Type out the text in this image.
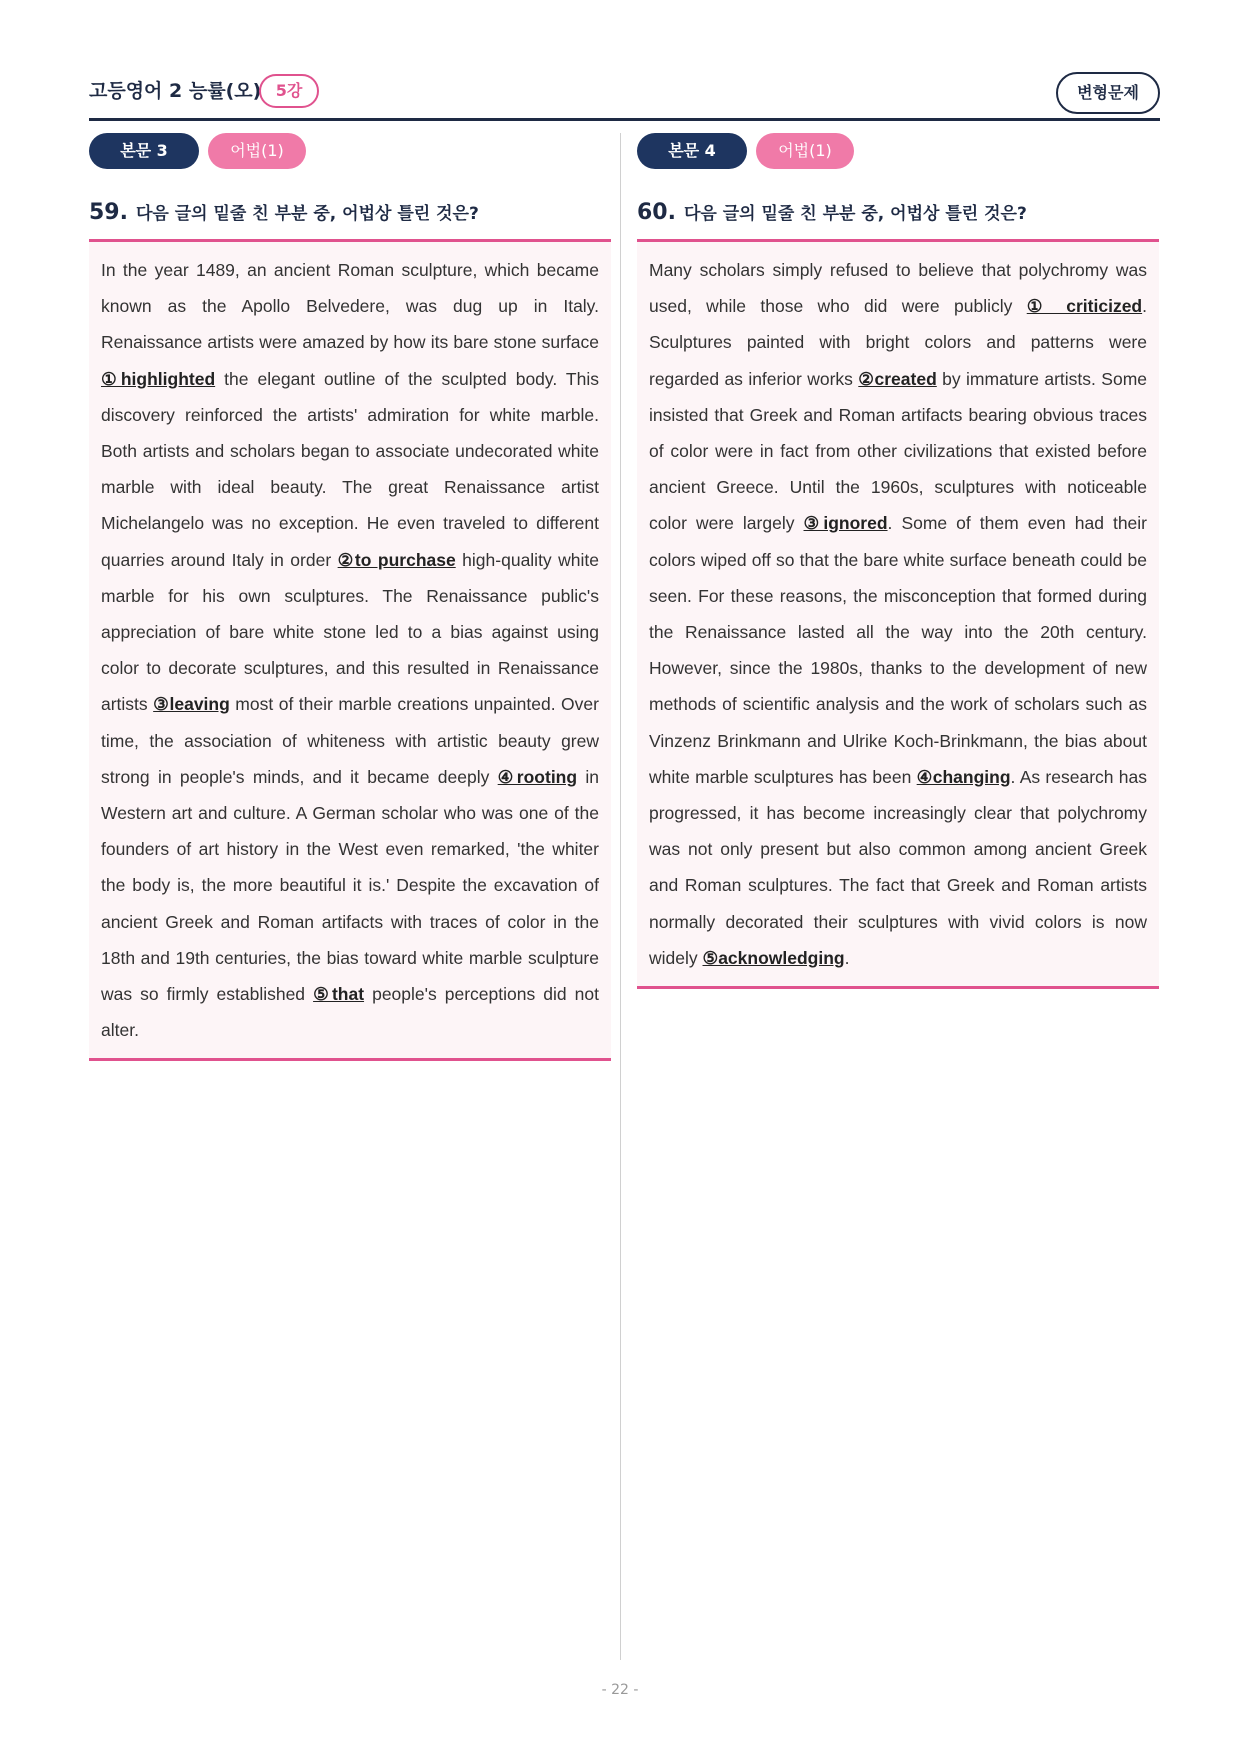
고등영어 2 능률(오) 5강	변형문제
본문 3	어법(1)
59. 다음 글의 밑줄 친 부분 중, 어법상 틀린 것은?
In the year 1489, an ancient Roman sculpture, which became known as the Apollo Belvedere, was dug up in Italy. Renaissance artists were amazed by how its bare stone surface ①highlighted the elegant outline of the sculpted body. This discovery reinforced the artists' admiration for white marble. Both artists and scholars began to associate undecorated white marble with ideal beauty. The great Renaissance artist Michelangelo was no exception. He even traveled to different quarries around Italy in order ②to purchase high-quality white marble for his own sculptures. The Renaissance public's appreciation of bare white stone led to a bias against using color to decorate sculptures, and this resulted in Renaissance artists ③leaving most of their marble creations unpainted. Over time, the association of whiteness with artistic beauty grew strong in people's minds, and it became deeply ④rooting in Western art and culture. A German scholar who was one of the founders of art history in the West even remarked, 'the whiter the body is, the more beautiful it is.' Despite the excavation of ancient Greek and Roman artifacts with traces of color in the 18th and 19th centuries, the bias toward white marble sculpture was so firmly established ⑤that people's perceptions did not alter.
본문 4	어법(1)
60. 다음 글의 밑줄 친 부분 중, 어법상 틀린 것은?
Many scholars simply refused to believe that polychromy was used, while those who did were publicly ① criticized. Sculptures painted with bright colors and patterns were regarded as inferior works ②created by immature artists. Some insisted that Greek and Roman artifacts bearing obvious traces of color were in fact from other civilizations that existed before ancient Greece. Until the 1960s, sculptures with noticeable color were largely ③ignored. Some of them even had their colors wiped off so that the bare white surface beneath could be seen. For these reasons, the misconception that formed during the Renaissance lasted all the way into the 20th century. However, since the 1980s, thanks to the development of new methods of scientific analysis and the work of scholars such as Vinzenz Brinkmann and Ulrike Koch-Brinkmann, the bias about white marble sculptures has been ④changing. As research has progressed, it has become increasingly clear that polychromy was not only present but also common among ancient Greek and Roman sculptures. The fact that Greek and Roman artists normally decorated their sculptures with vivid colors is now widely ⑤acknowledging.
- 22 -
